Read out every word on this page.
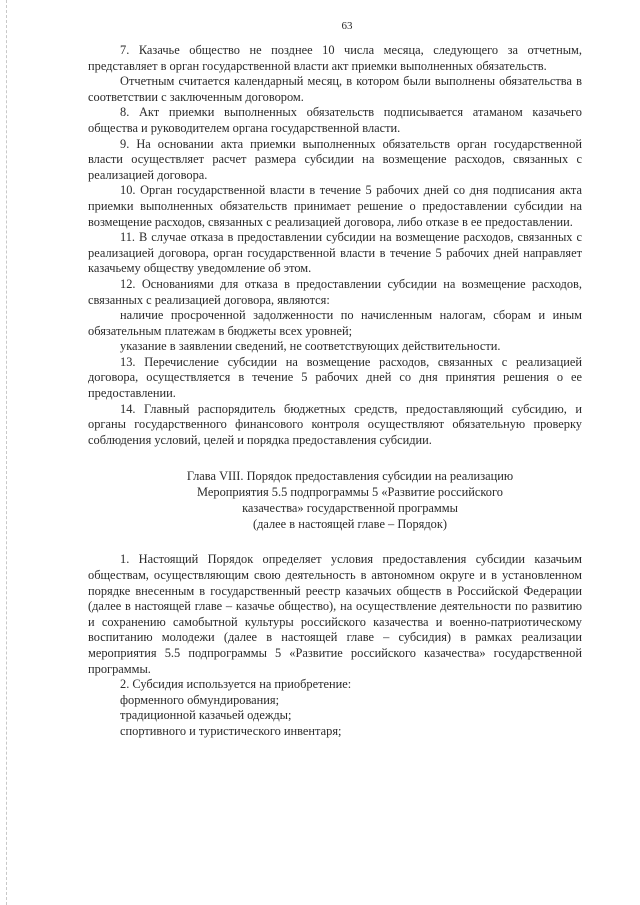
63

7. Казачье общество не позднее 10 числа месяца, следующего за отчетным, представляет в орган государственной власти акт приемки выполненных обязательств.

Отчетным считается календарный месяц, в котором были выполнены обязательства в соответствии с заключенным договором.

8. Акт приемки выполненных обязательств подписывается атаманом казачьего общества и руководителем органа государственной власти.

9. На основании акта приемки выполненных обязательств орган государственной власти осуществляет расчет размера субсидии на возмещение расходов, связанных с реализацией договора.

10. Орган государственной власти в течение 5 рабочих дней со дня подписания акта приемки выполненных обязательств принимает решение о предоставлении субсидии на возмещение расходов, связанных с реализацией договора, либо отказе в ее предоставлении.

11. В случае отказа в предоставлении субсидии на возмещение расходов, связанных с реализацией договора, орган государственной власти в течение 5 рабочих дней направляет казачьему обществу уведомление об этом.

12. Основаниями для отказа в предоставлении субсидии на возмещение расходов, связанных с реализацией договора, являются:

наличие просроченной задолженности по начисленным налогам, сборам и иным обязательным платежам в бюджеты всех уровней;

указание в заявлении сведений, не соответствующих действительности.

13. Перечисление субсидии на возмещение расходов, связанных с реализацией договора, осуществляется в течение 5 рабочих дней со дня принятия решения о ее предоставлении.

14. Главный распорядитель бюджетных средств, предоставляющий субсидию, и органы государственного финансового контроля осуществляют обязательную проверку соблюдения условий, целей и порядка предоставления субсидии.

Глава VIII. Порядок предоставления субсидии на реализацию
Мероприятия 5.5 подпрограммы 5 «Развитие российского
казачества» государственной программы
(далее в настоящей главе – Порядок)

1. Настоящий Порядок определяет условия предоставления субсидии казачьим обществам, осуществляющим свою деятельность в автономном округе и в установленном порядке внесенным в государственный реестр казачьих обществ в Российской Федерации (далее в настоящей главе – казачье общество), на осуществление деятельности по развитию и сохранению самобытной культуры российского казачества и военно-патриотическому воспитанию молодежи (далее в настоящей главе – субсидия) в рамках реализации мероприятия 5.5 подпрограммы 5 «Развитие российского казачества» государственной программы.

2. Субсидия используется на приобретение:

форменного обмундирования;

традиционной казачьей одежды;

спортивного и туристического инвентаря;
